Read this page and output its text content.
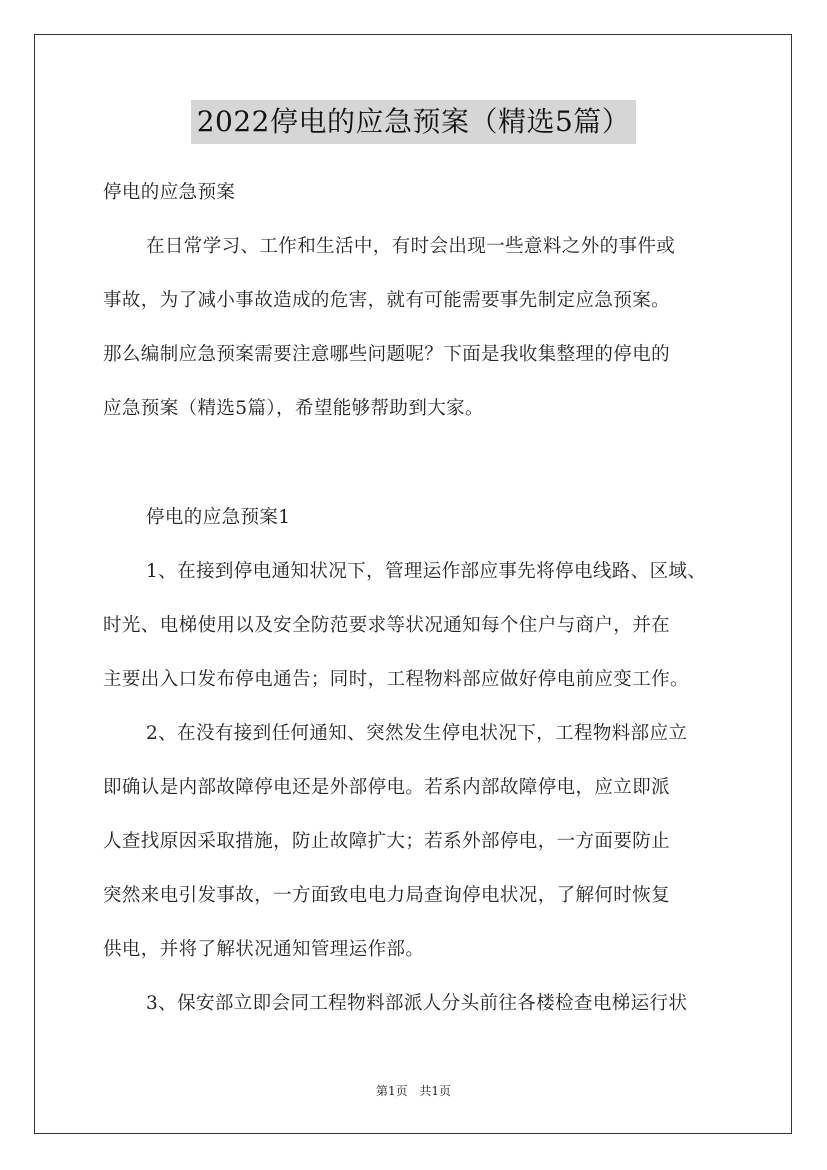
2022停电的应急预案（精选5篇）
停电的应急预案
在日常学习、工作和生活中，有时会出现一些意料之外的事件或
事故，为了减小事故造成的危害，就有可能需要事先制定应急预案。
那么编制应急预案需要注意哪些问题呢？下面是我收集整理的停电的
应急预案（精选5篇），希望能够帮助到大家。
停电的应急预案1
1、在接到停电通知状况下，管理运作部应事先将停电线路、区域、
时光、电梯使用以及安全防范要求等状况通知每个住户与商户，并在
主要出入口发布停电通告；同时，工程物料部应做好停电前应变工作。
2、在没有接到任何通知、突然发生停电状况下，工程物料部应立
即确认是内部故障停电还是外部停电。若系内部故障停电，应立即派
人查找原因采取措施，防止故障扩大；若系外部停电，一方面要防止
突然来电引发事故，一方面致电电力局查询停电状况，了解何时恢复
供电，并将了解状况通知管理运作部。
3、保安部立即会同工程物料部派人分头前往各楼检查电梯运行状
第1页 共1页
